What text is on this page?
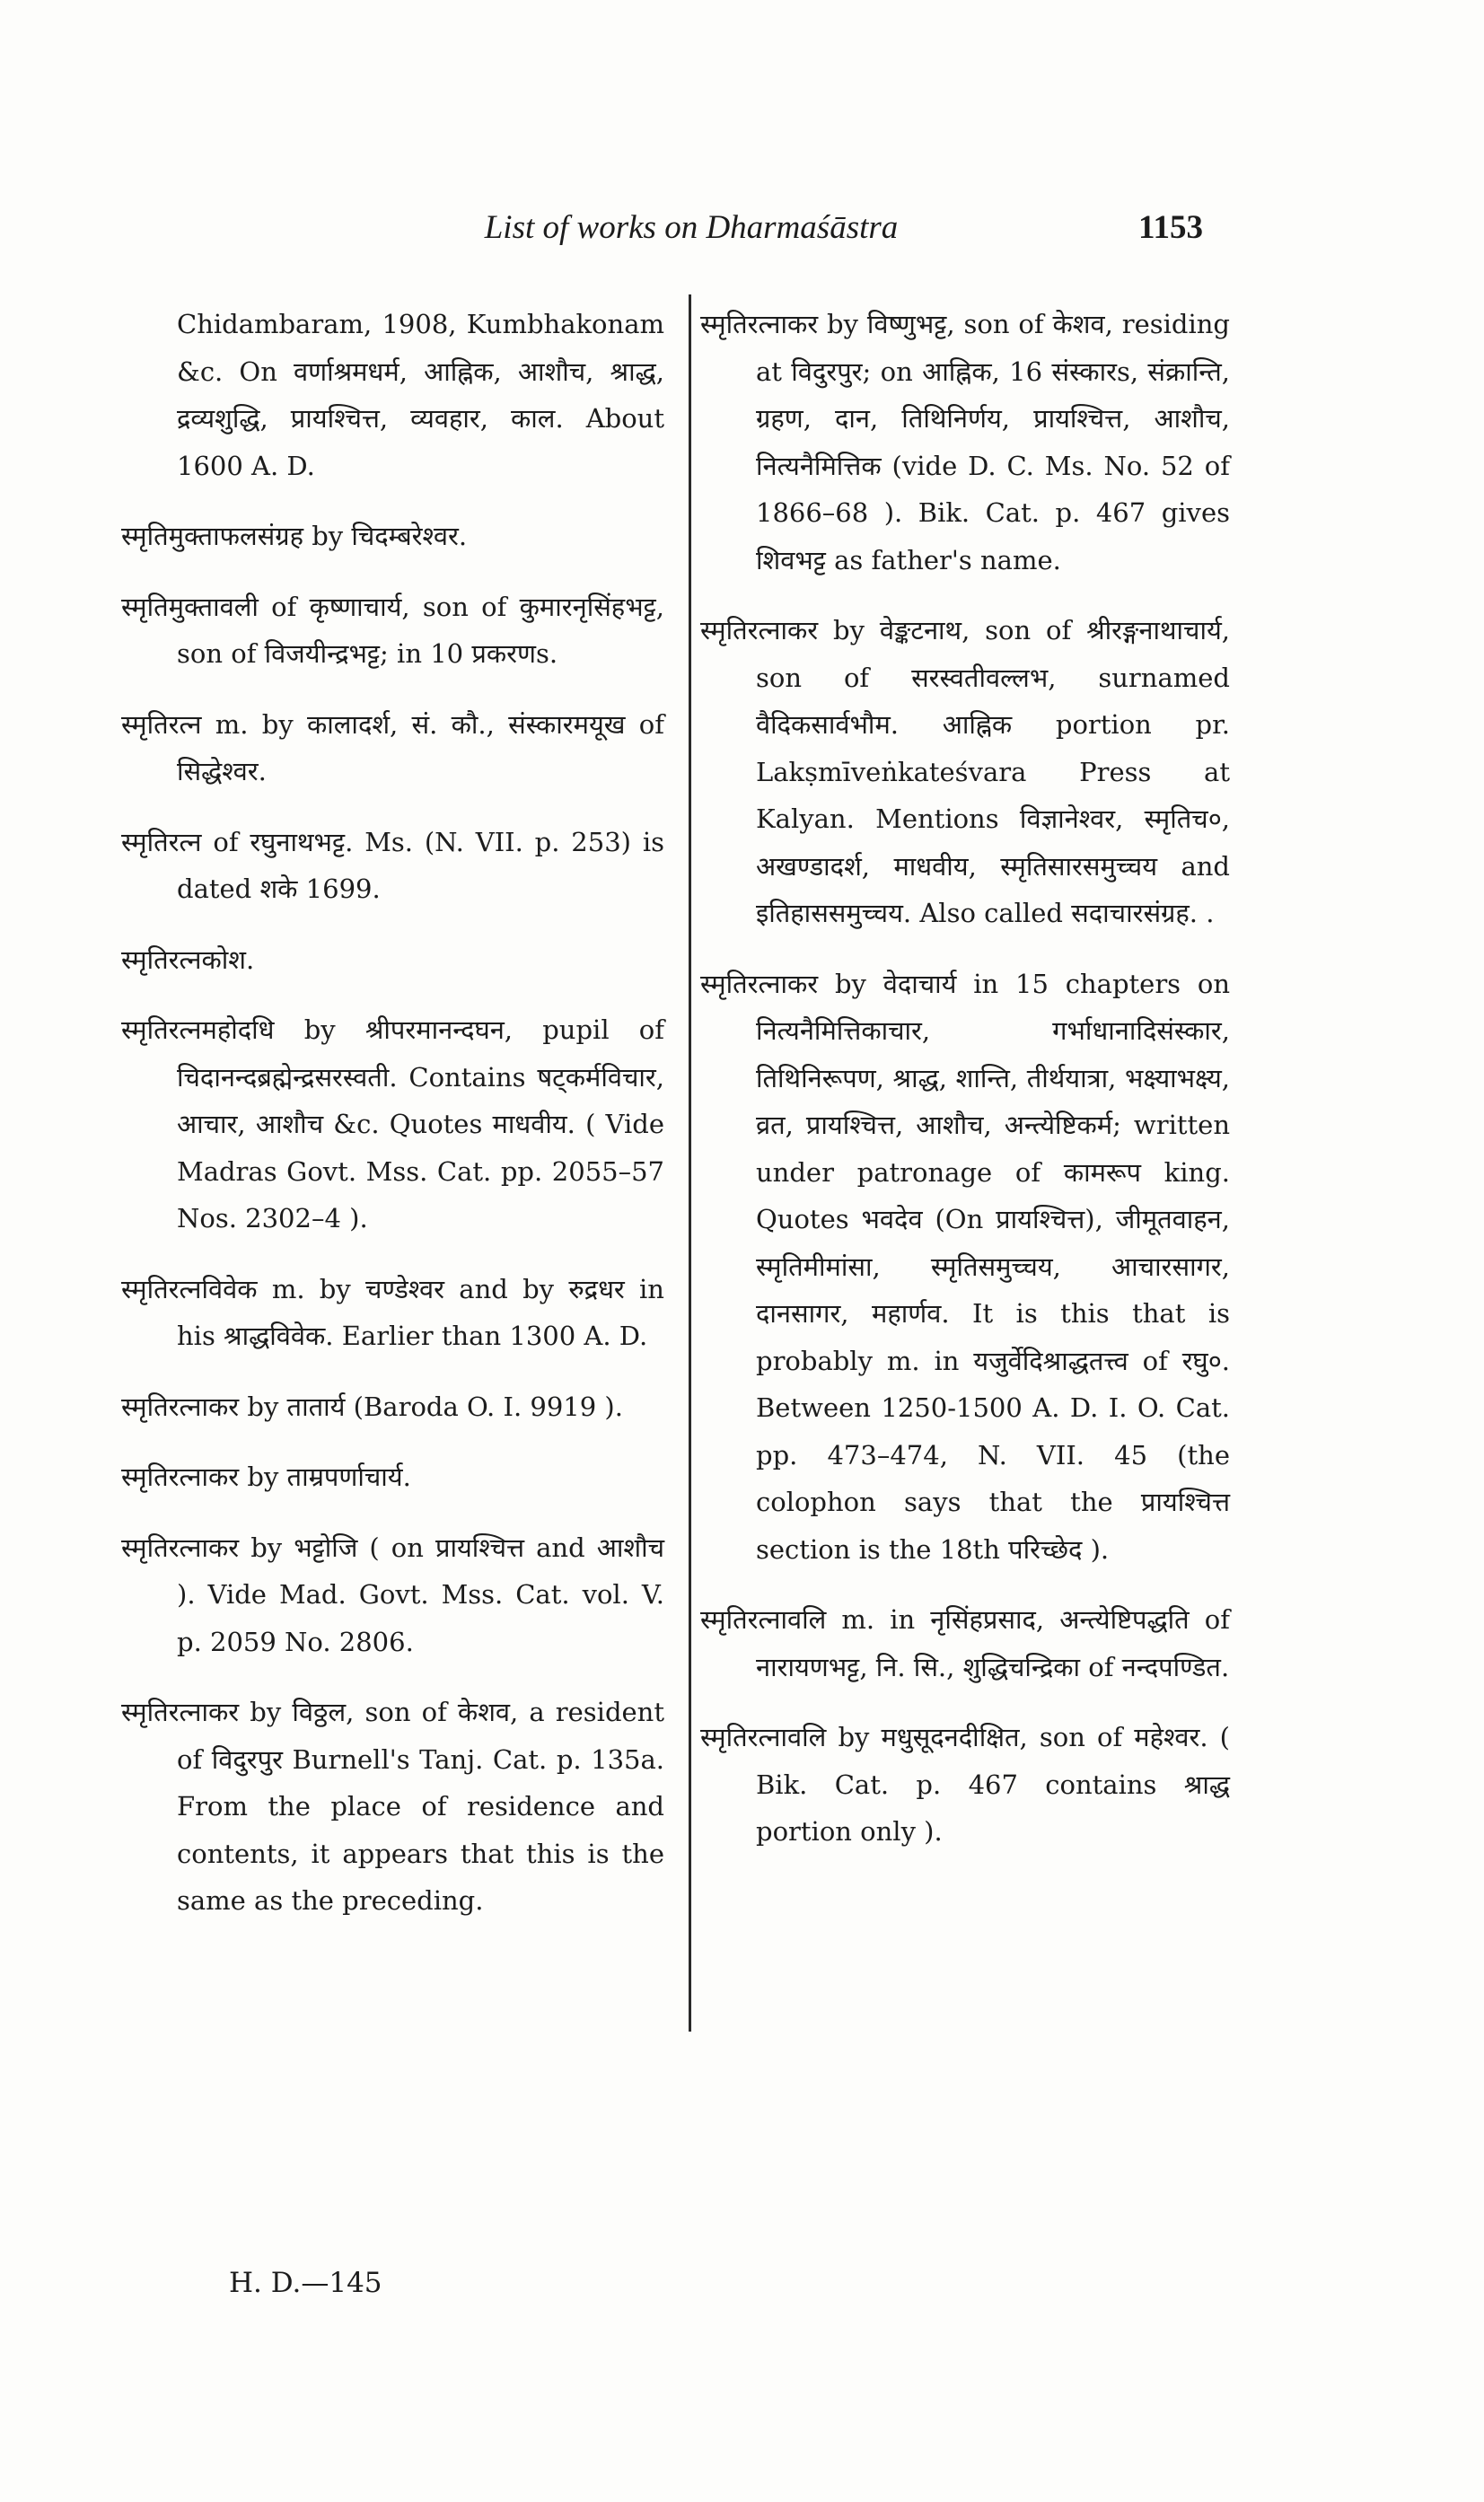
List of works on Dharmaśāstra	1153

Chidambaram, 1908, Kumbhakonam &c. On वर्णाश्रमधर्म, आह्निक, आशौच, श्राद्ध, द्रव्यशुद्धि, प्रायश्चित्त, व्यवहार, काल. About 1600 A. D.

स्मृतिमुक्ताफलसंग्रह by चिदम्बरेश्वर.

स्मृतिमुक्तावली of कृष्णाचार्य, son of कुमारनृसिंहभट्ट, son of विजयीन्द्रभट्ट; in 10 प्रकरणs.

स्मृतिरत्न m. by कालादर्श, सं. कौ., संस्कारमयूख of सिद्धेश्वर.

स्मृतिरत्न of रघुनाथभट्ट. Ms. (N. VII. p. 253) is dated शके 1699.

स्मृतिरत्नकोश.

स्मृतिरत्नमहोदधि by श्रीपरमानन्दघन, pupil of चिदानन्दब्रह्मेन्द्रसरस्वती. Contains षट्कर्मविचार, आचार, आशौच &c. Quotes माधवीय. ( Vide Madras Govt. Mss. Cat. pp. 2055–57 Nos. 2302–4 ).

स्मृतिरत्नविवेक m. by चण्डेश्वर and by रुद्रधर in his श्राद्धविवेक. Earlier than 1300 A. D.

स्मृतिरत्नाकर by तातार्य (Baroda O. I. 9919 ).

स्मृतिरत्नाकर by ताम्रपर्णाचार्य.

स्मृतिरत्नाकर by भट्टोजि ( on प्रायश्चित्त and आशौच ). Vide Mad. Govt. Mss. Cat. vol. V. p. 2059 No. 2806.

स्मृतिरत्नाकर by विठ्ठल, son of केशव, a resident of विदुरपुर Burnell's Tanj. Cat. p. 135a. From the place of residence and contents, it appears that this is the same as the preceding.

स्मृतिरत्नाकर by विष्णुभट्ट, son of केशव, residing at विदुरपुर; on आह्निक, 16 संस्कारs, संक्रान्ति, ग्रहण, दान, तिथिनिर्णय, प्रायश्चित्त, आशौच, नित्यनैमित्तिक (vide D. C. Ms. No. 52 of 1866–68 ). Bik. Cat. p. 467 gives शिवभट्ट as father's name.

स्मृतिरत्नाकर by वेङ्कटनाथ, son of श्रीरङ्गनाथाचार्य, son of सरस्वतीवल्लभ, surnamed वैदिकसार्वभौम. आह्निक portion pr. Lakṣmīveṅkateśvara Press at Kalyan. Mentions विज्ञानेश्वर, स्मृतिच०, अखण्डादर्श, माधवीय, स्मृतिसारसमुच्चय and इतिहाससमुच्चय. Also called सदाचारसंग्रह. .

स्मृतिरत्नाकर by वेदाचार्य in 15 chapters on नित्यनैमित्तिकाचार, गर्भाधानादिसंस्कार, तिथिनिरूपण, श्राद्ध, शान्ति, तीर्थयात्रा, भक्ष्याभक्ष्य, व्रत, प्रायश्चित्त, आशौच, अन्त्येष्टिकर्म; written under patronage of कामरूप king. Quotes भवदेव (On प्रायश्चित्त), जीमूतवाहन, स्मृतिमीमांसा, स्मृतिसमुच्चय, आचारसागर, दानसागर, महार्णव. It is this that is probably m. in यजुर्वेदिश्राद्धतत्त्व of रघु०. Between 1250-1500 A. D. I. O. Cat. pp. 473–474, N. VII. 45 (the colophon says that the प्रायश्चित्त section is the 18th परिच्छेद ).

स्मृतिरत्नावलि m. in नृसिंहप्रसाद, अन्त्येष्टिपद्धति of नारायणभट्ट, नि. सि., शुद्धिचन्द्रिका of नन्दपण्डित.

स्मृतिरत्नावलि by मधुसूदनदीक्षित, son of महेश्वर. ( Bik. Cat. p. 467 contains श्राद्ध portion only ).

H. D.—145
